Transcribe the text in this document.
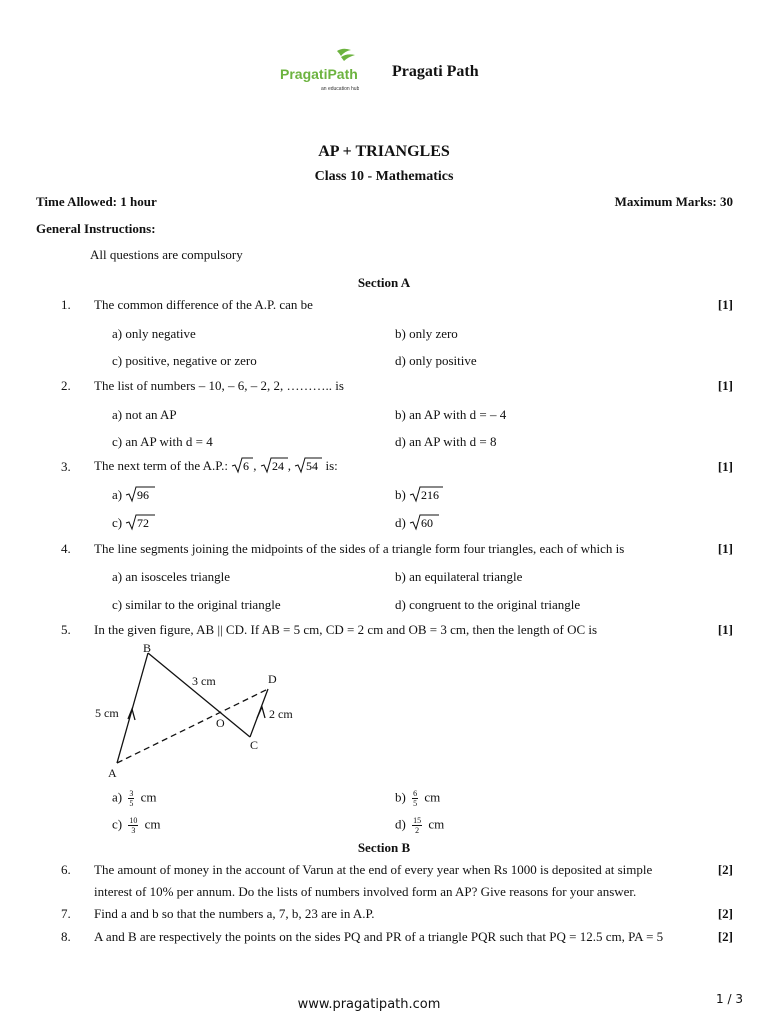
PragatiPath
an education hub
Pragati Path
AP + TRIANGLES
Class 10 - Mathematics
Time Allowed: 1 hour	Maximum Marks: 30
General Instructions:
All questions are compulsory
Section A
1. The common difference of the A.P. can be	[1]
a) only negative	b) only zero
c) positive, negative or zero	d) only positive
2. The list of numbers – 10, – 6, – 2, 2, ……….. is	[1]
a) not an AP	b) an AP with d = – 4
c) an AP with d = 4	d) an AP with d = 8
3. The next term of the A.P.: 6 , 24 , 54 is:	[1]
a) 96	b) 216
c) 72	d) 60
4. The line segments joining the midpoints of the sides of a triangle form four triangles, each of which is	[1]
a) an isosceles triangle	b) an equilateral triangle
c) similar to the original triangle	d) congruent to the original triangle
5. In the given figure, AB || CD. If AB = 5 cm, CD = 2 cm and OB = 3 cm, then the length of OC is	[1]
B
D
A
C
O
5 cm
3 cm
2 cm
$a) \frac{3}{5}$ cm	$b) \frac{6}{5}$ cm
$c) \frac{10}{3}$ cm	$d) \frac{15}{2}$ cm
Section B
6. The amount of money in the account of Varun at the end of every year when Rs 1000 is deposited at simple	[2]
interest of 10% per annum. Do the lists of numbers involved form an AP? Give reasons for your answer.
7. Find a and b so that the numbers a, 7, b, 23 are in A.P.	[2]
8. A and B are respectively the points on the sides PQ and PR of a triangle PQR such that PQ = 12.5 cm, PA = 5	[2]
www.pragatipath.com	1 / 3
